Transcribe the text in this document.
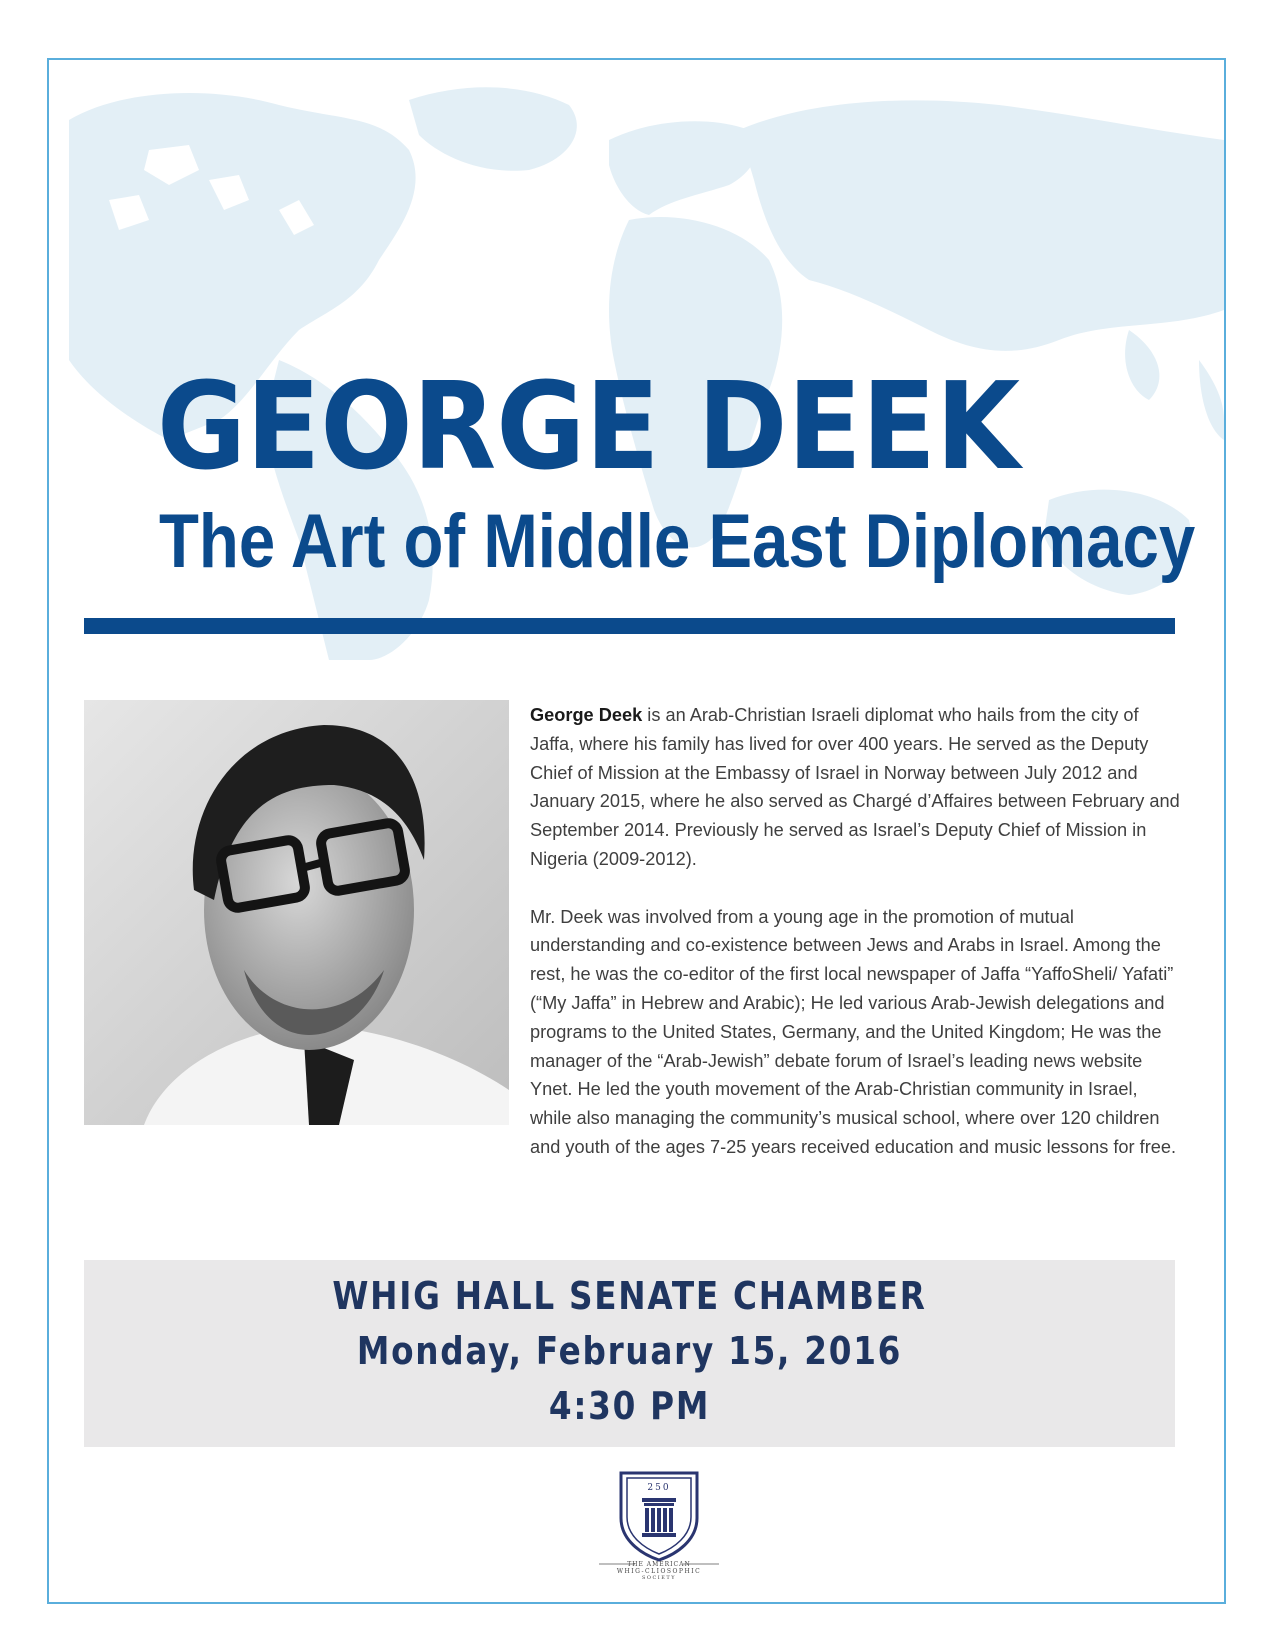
GEORGE DEEK
The Art of Middle East Diplomacy

George Deek is an Arab-Christian Israeli diplomat who hails from the city of Jaffa, where his family has lived for over 400 years. He served as the Deputy Chief of Mission at the Embassy of Israel in Norway between July 2012 and January 2015, where he also served as Chargé d’Affaires between February and September 2014. Previously he served as Israel’s Deputy Chief of Mission in Nigeria (2009-2012).

Mr. Deek was involved from a young age in the promotion of mutual understanding and co-existence between Jews and Arabs in Israel. Among the rest, he was the co-editor of the first local newspaper of Jaffa “YaffoSheli/ Yafati” (“My Jaffa” in Hebrew and Arabic); He led various Arab-Jewish delegations and programs to the United States, Germany, and the United Kingdom; He was the manager of the “Arab-Jewish” debate forum of Israel’s leading news website Ynet. He led the youth movement of the Arab-Christian community in Israel, while also managing the community’s musical school, where over 120 children and youth of the ages 7-25 years received education and music lessons for free.

WHIG HALL SENATE CHAMBER
Monday, February 15, 2016
4:30 PM
250
THE AMERICAN
WHIG-CLIOSOPHIC
SOCIETY
